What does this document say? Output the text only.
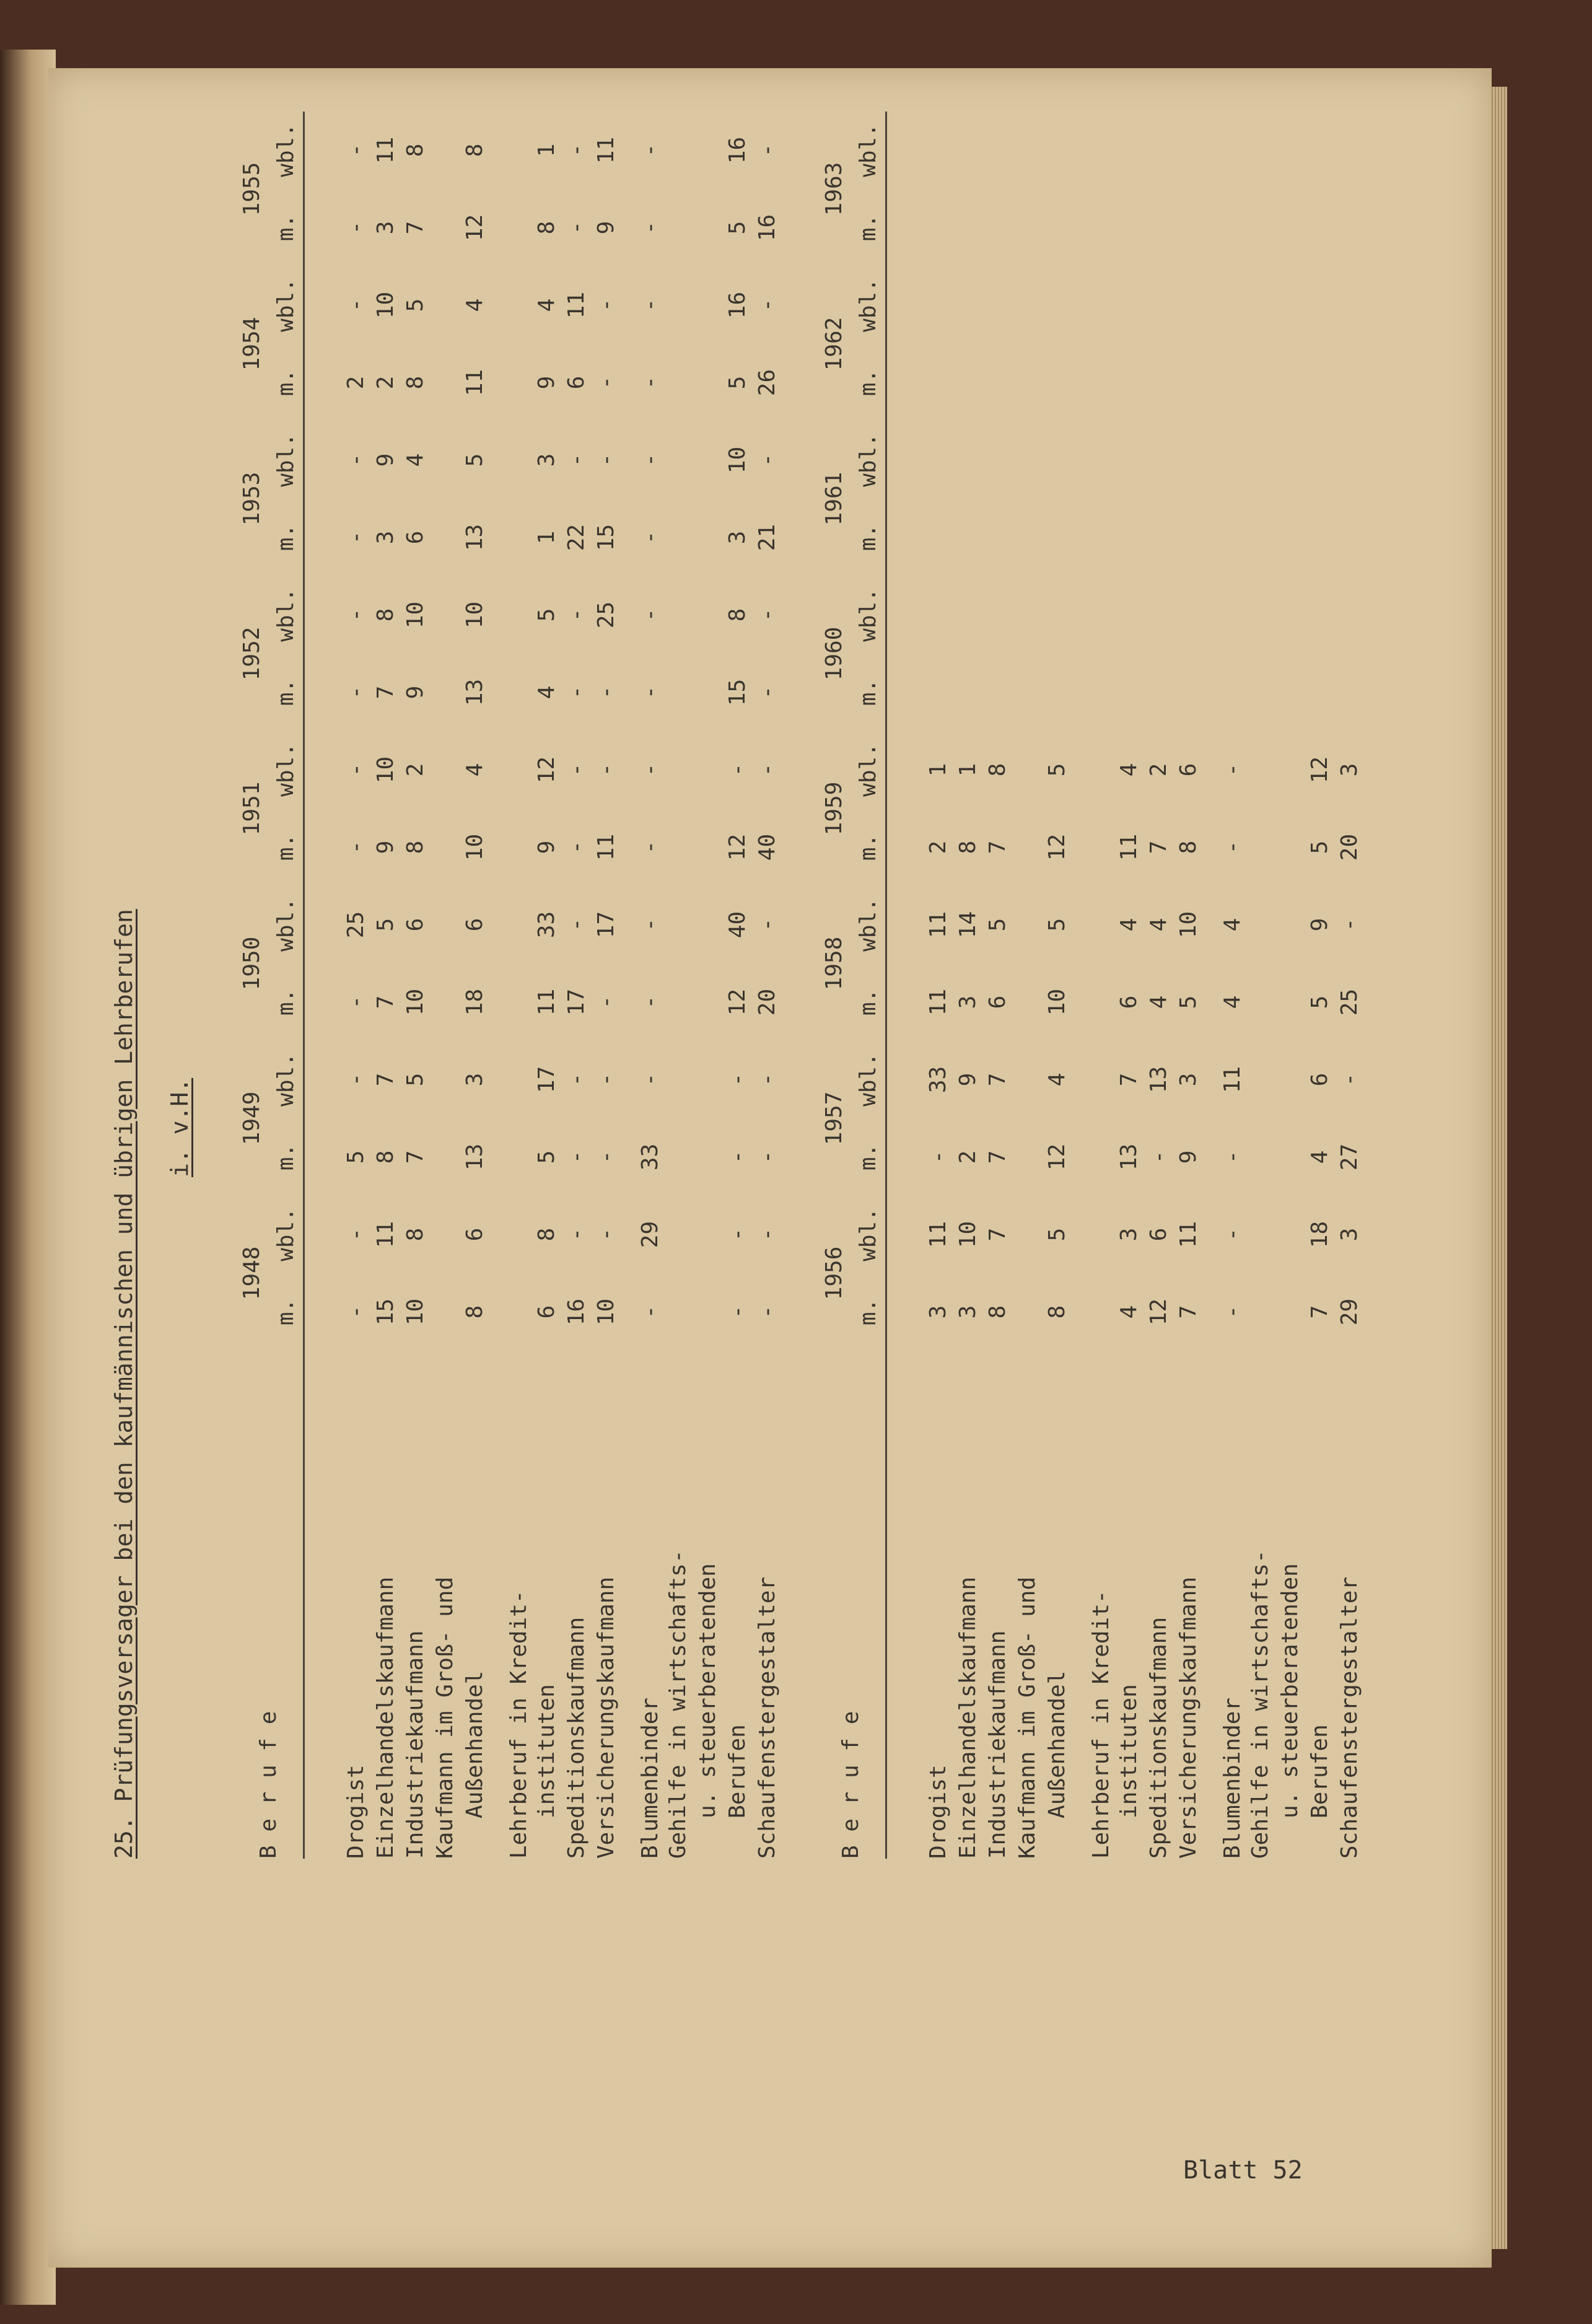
25. Prüfungsversager bei den kaufmännischen und übrigen Lehrberufen i. v.H.
B e r u f e	1948		1949		1950		1951		1952		1953		1954		1955	
	m.	wbl.	m.	wbl.	m.	wbl.	m.	wbl.	m.	wbl.	m.	wbl.	m.	wbl.	m.	wbl.

Drogist	-	-	5	-	-	25	-	-	-	-	-	-	2	-	-	-
Einzelhandelskaufmann	15	11	8	7	7	5	9	10	7	8	3	9	2	10	3	11
Industriekaufmann	10	8	7	5	10	6	8	2	9	10	6	4	8	5	7	8
Kaufmann im Groß- und																
Außenhandel	8	6	13	3	18	6	10	4	13	10	13	5	11	4	12	8
Lehrberuf in Kredit-																
instituten	6	8	5	17	11	33	9	12	4	5	1	3	9	4	8	1
Speditionskaufmann	16	-	-	-	17	-	-	-	-	-	22	-	6	11	-	-
Versicherungskaufmann	10	-	-	-	-	17	11	-	-	25	15	-	-	-	9	11
Blumenbinder	-	29	33	-	-	-	-	-	-	-	-	-	-	-	-	-
Gehilfe in wirtschafts-																
u. steuerberatenden																
Berufen	-	-	-	-	12	40	12	-	15	8	3	10	5	16	5	16
Schaufenstergestalter	-	-	-	-	20	-	40	-	-	-	21	-	26	-	16	-
B e r u f e	1956		1957		1958		1959		1960		1961		1962		1963	
	m.	wbl.	m.	wbl.	m.	wbl.	m.	wbl.	m.	wbl.	m.	wbl.	m.	wbl.	m.	wbl.

Drogist	3	11	-	33	11	11	2	1								
Einzelhandelskaufmann	3	10	2	9	3	14	8	1								
Industriekaufmann	8	7	7	7	6	5	7	8								
Kaufmann im Groß- und																
Außenhandel	8	5	12	4	10	5	12	5								
Lehrberuf in Kredit-																
instituten	4	3	13	7	6	4	11	4								
Speditionskaufmann	12	6	-	13	4	4	7	2								
Versicherungskaufmann	7	11	9	3	5	10	8	6								
Blumenbinder	-	-	-	11	4	4	-	-								
Gehilfe in wirtschafts-																
u. steuerberatenden																
Berufen	7	18	4	6	5	9	5	12								
Schaufenstergestalter	29	3	27	-	25	-	20	3								
Blatt 52
